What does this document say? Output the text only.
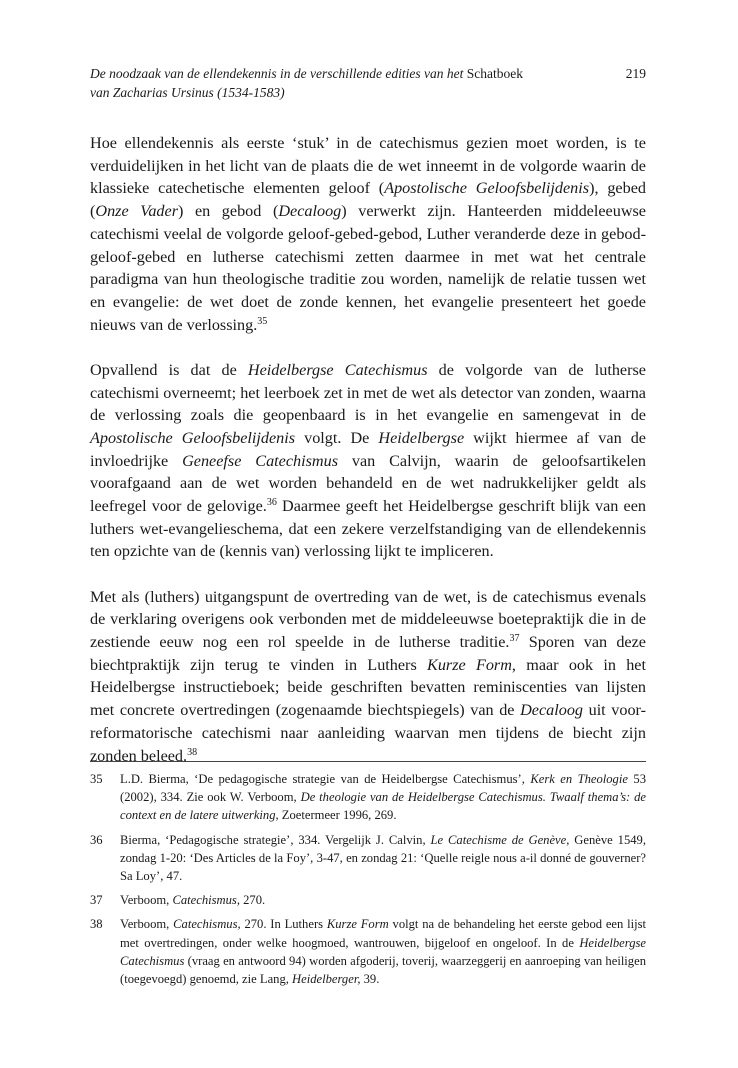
De noodzaak van de ellendekennis in de verschillende edities van het Schatboek
van Zacharias Ursinus (1534-1583)
219

Hoe ellendekennis als eerste ‘stuk’ in de catechismus gezien moet worden, is te verduidelijken in het licht van de plaats die de wet inneemt in de volgorde waarin de klassieke catechetische elementen geloof (Apostolische Geloofsbelijdenis), gebed (Onze Vader) en gebod (Decaloog) verwerkt zijn. Hanteerden middeleeuwse catechismi veelal de volgorde geloof-gebed-gebod, Luther veranderde deze in gebod-geloof-gebed en lutherse catechismi zetten daarmee in met wat het centrale paradigma van hun theologische traditie zou worden, namelijk de relatie tussen wet en evangelie: de wet doet de zonde kennen, het evangelie presenteert het goede nieuws van de verlossing.$^{35}$

Opvallend is dat de Heidelbergse Catechismus de volgorde van de lutherse catechismi overneemt; het leerboek zet in met de wet als detector van zonden, waarna de verlossing zoals die geopenbaard is in het evangelie en samengevat in de Apostolische Geloofsbelijdenis volgt. De Heidelbergse wijkt hiermee af van de invloedrijke Geneefse Catechismus van Calvijn, waarin de geloofsartikelen voorafgaand aan de wet worden behandeld en de wet nadrukkelijker geldt als leefregel voor de gelovige.$^{36}$ Daarmee geeft het Heidelbergse geschrift blijk van een luthers wet-evangelieschema, dat een zekere verzelfstandiging van de ellendekennis ten opzichte van de (kennis van) verlossing lijkt te impliceren.

Met als (luthers) uitgangspunt de overtreding van de wet, is de catechismus evenals de verklaring overigens ook verbonden met de middeleeuwse boetepraktijk die in de zestiende eeuw nog een rol speelde in de lutherse traditie.$^{37}$ Sporen van deze biechtpraktijk zijn terug te vinden in Luthers Kurze Form, maar ook in het Heidelbergse instructieboek; beide geschriften bevatten reminiscenties van lijsten met concrete overtredingen (zogenaamde biechtspiegels) van de Decaloog uit voor-reformatorische catechismi naar aanleiding waarvan men tijdens de biecht zijn zonden beleed.$^{38}$

35 L.D. Bierma, ‘De pedagogische strategie van de Heidelbergse Catechismus’, Kerk en Theologie 53 (2002), 334. Zie ook W. Verboom, De theologie van de Heidelbergse Catechismus. Twaalf thema’s: de context en de latere uitwerking, Zoetermeer 1996, 269.
36 Bierma, ‘Pedagogische strategie’, 334. Vergelijk J. Calvin, Le Catechisme de Genève, Genève 1549, zondag 1-20: ‘Des Articles de la Foy’, 3-47, en zondag 21: ‘Quelle reigle nous a-il donné de gouverner? Sa Loy’, 47.
37 Verboom, Catechismus, 270.
38 Verboom, Catechismus, 270. In Luthers Kurze Form volgt na de behandeling het eerste gebod een lijst met overtredingen, onder welke hoogmoed, wantrouwen, bijgeloof en ongeloof. In de Heidelbergse Catechismus (vraag en antwoord 94) worden afgoderij, toverij, waarzeggerij en aanroeping van heiligen (toegevoegd) genoemd, zie Lang, Heidelberger, 39.
